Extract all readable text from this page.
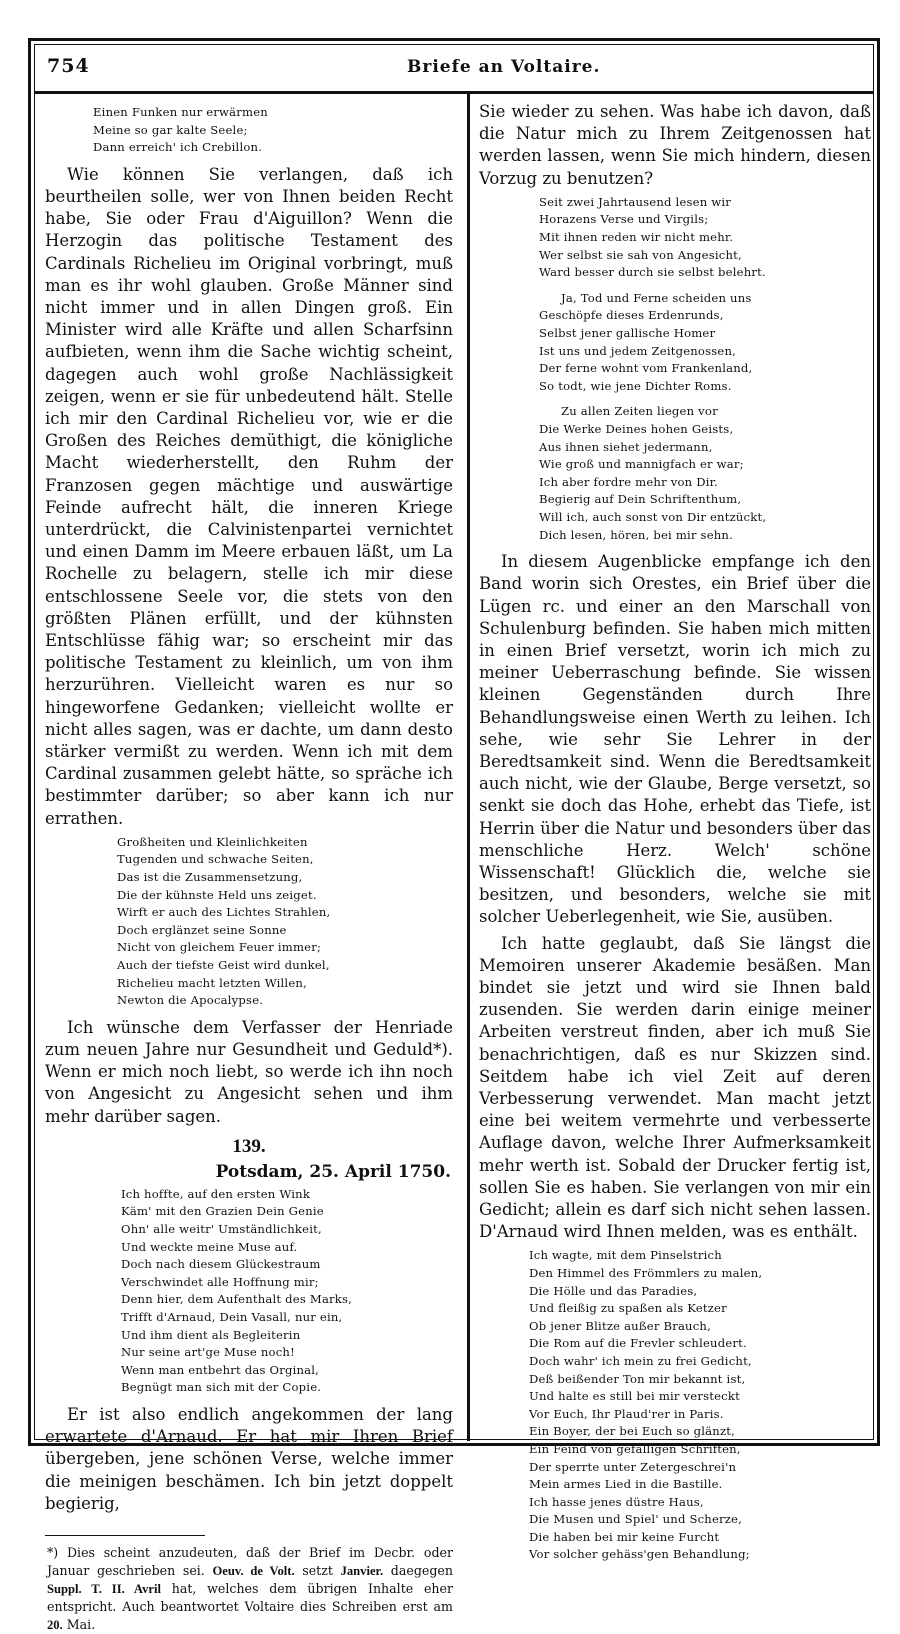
754	Briefe an Voltaire.
Einen Funken nur erwärmen
Meine so gar kalte Seele;
Dann erreich' ich Crebillon.

Wie können Sie verlangen, daß ich beurtheilen solle, wer von Ihnen beiden Recht habe, Sie oder Frau d'Aiguillon? Wenn die Herzogin das politische Testament des Cardinals Richelieu im Original vorbringt, muß man es ihr wohl glauben. Große Männer sind nicht immer und in allen Dingen groß. Ein Minister wird alle Kräfte und allen Scharfsinn aufbieten, wenn ihm die Sache wichtig scheint, dagegen auch wohl große Nachlässigkeit zeigen, wenn er sie für unbedeutend hält. Stelle ich mir den Cardinal Richelieu vor, wie er die Großen des Reiches demüthigt, die königliche Macht wiederherstellt, den Ruhm der Franzosen gegen mächtige und auswärtige Feinde aufrecht hält, die inneren Kriege unterdrückt, die Calvinistenpartei vernichtet und einen Damm im Meere erbauen läßt, um La Rochelle zu belagern, stelle ich mir diese entschlossene Seele vor, die stets von den größten Plänen erfüllt, und der kühnsten Entschlüsse fähig war; so erscheint mir das politische Testament zu kleinlich, um von ihm herzurühren. Vielleicht waren es nur so hingeworfene Gedanken; vielleicht wollte er nicht alles sagen, was er dachte, um dann desto stärker vermißt zu werden. Wenn ich mit dem Cardinal zusammen gelebt hätte, so spräche ich bestimmter darüber; so aber kann ich nur errathen.

Großheiten und Kleinlichkeiten
Tugenden und schwache Seiten,
Das ist die Zusammensetzung,
Die der kühnste Held uns zeiget.
Wirft er auch des Lichtes Strahlen,
Doch erglänzet seine Sonne
Nicht von gleichem Feuer immer;
Auch der tiefste Geist wird dunkel,
Richelieu macht letzten Willen,
Newton die Apocalypse.

Ich wünsche dem Verfasser der Henriade zum neuen Jahre nur Gesundheit und Geduld*). Wenn er mich noch liebt, so werde ich ihn noch von Angesicht zu Angesicht sehen und ihm mehr darüber sagen.

139.
Potsdam, 25. April 1750.
Ich hoffte, auf den ersten Wink
Käm' mit den Grazien Dein Genie
Ohn' alle weitr' Umständlichkeit,
Und weckte meine Muse auf.
Doch nach diesem Glückestraum
Verschwindet alle Hoffnung mir;
Denn hier, dem Aufenthalt des Marks,
Trifft d'Arnaud, Dein Vasall, nur ein,
Und ihm dient als Begleiterin
Nur seine art'ge Muse noch!
Wenn man entbehrt das Orginal,
Begnügt man sich mit der Copie.

Er ist also endlich angekommen der lang erwartete d'Arnaud. Er hat mir Ihren Brief übergeben, jene schönen Verse, welche immer die meinigen beschämen. Ich bin jetzt doppelt begierig,

*) Dies scheint anzudeuten, daß der Brief im Decbr. oder Januar geschrieben sei. Oeuv. de Volt. setzt Janvier. daegegen Suppl. T. II. Avril hat, welches dem übrigen Inhalte eher entspricht. Auch beantwortet Voltaire dies Schreiben erst am 20. Mai.

Sie wieder zu sehen. Was habe ich davon, daß die Natur mich zu Ihrem Zeitgenossen hat werden lassen, wenn Sie mich hindern, diesen Vorzug zu benutzen?

Seit zwei Jahrtausend lesen wir
Horazens Verse und Virgils;
Mit ihnen reden wir nicht mehr.
Wer selbst sie sah von Angesicht,
Ward besser durch sie selbst belehrt.
Ja, Tod und Ferne scheiden uns
Geschöpfe dieses Erdenrunds,
Selbst jener gallische Homer
Ist uns und jedem Zeitgenossen,
Der ferne wohnt vom Frankenland,
So todt, wie jene Dichter Roms.
Zu allen Zeiten liegen vor
Die Werke Deines hohen Geists,
Aus ihnen siehet jedermann,
Wie groß und mannigfach er war;
Ich aber fordre mehr von Dir.
Begierig auf Dein Schriftenthum,
Will ich, auch sonst von Dir entzückt,
Dich lesen, hören, bei mir sehn.

In diesem Augenblicke empfange ich den Band worin sich Orestes, ein Brief über die Lügen rc. und einer an den Marschall von Schulenburg befinden. Sie haben mich mitten in einen Brief versetzt, worin ich mich zu meiner Ueberraschung befinde. Sie wissen kleinen Gegenständen durch Ihre Behandlungsweise einen Werth zu leihen. Ich sehe, wie sehr Sie Lehrer in der Beredtsamkeit sind. Wenn die Beredtsamkeit auch nicht, wie der Glaube, Berge versetzt, so senkt sie doch das Hohe, erhebt das Tiefe, ist Herrin über die Natur und besonders über das menschliche Herz. Welch' schöne Wissenschaft! Glücklich die, welche sie besitzen, und besonders, welche sie mit solcher Ueberlegenheit, wie Sie, ausüben.

Ich hatte geglaubt, daß Sie längst die Memoiren unserer Akademie besäßen. Man bindet sie jetzt und wird sie Ihnen bald zusenden. Sie werden darin einige meiner Arbeiten verstreut finden, aber ich muß Sie benachrichtigen, daß es nur Skizzen sind. Seitdem habe ich viel Zeit auf deren Verbesserung verwendet. Man macht jetzt eine bei weitem vermehrte und verbesserte Auflage davon, welche Ihrer Aufmerksamkeit mehr werth ist. Sobald der Drucker fertig ist, sollen Sie es haben. Sie verlangen von mir ein Gedicht; allein es darf sich nicht sehen lassen. D'Arnaud wird Ihnen melden, was es enthält.

Ich wagte, mit dem Pinselstrich
Den Himmel des Frömmlers zu malen,
Die Hölle und das Paradies,
Und fleißig zu spaßen als Ketzer
Ob jener Blitze außer Brauch,
Die Rom auf die Frevler schleudert.
Doch wahr' ich mein zu frei Gedicht,
Deß beißender Ton mir bekannt ist,
Und halte es still bei mir versteckt
Vor Euch, Ihr Plaud'rer in Paris.
Ein Boyer, der bei Euch so glänzt,
Ein Feind von gefälligen Schriften,
Der sperrte unter Zetergeschrei'n
Mein armes Lied in die Bastille.
Ich hasse jenes düstre Haus,
Die Musen und Spiel' und Scherze,
Die haben bei mir keine Furcht
Vor solcher gehäss'gen Behandlung;
